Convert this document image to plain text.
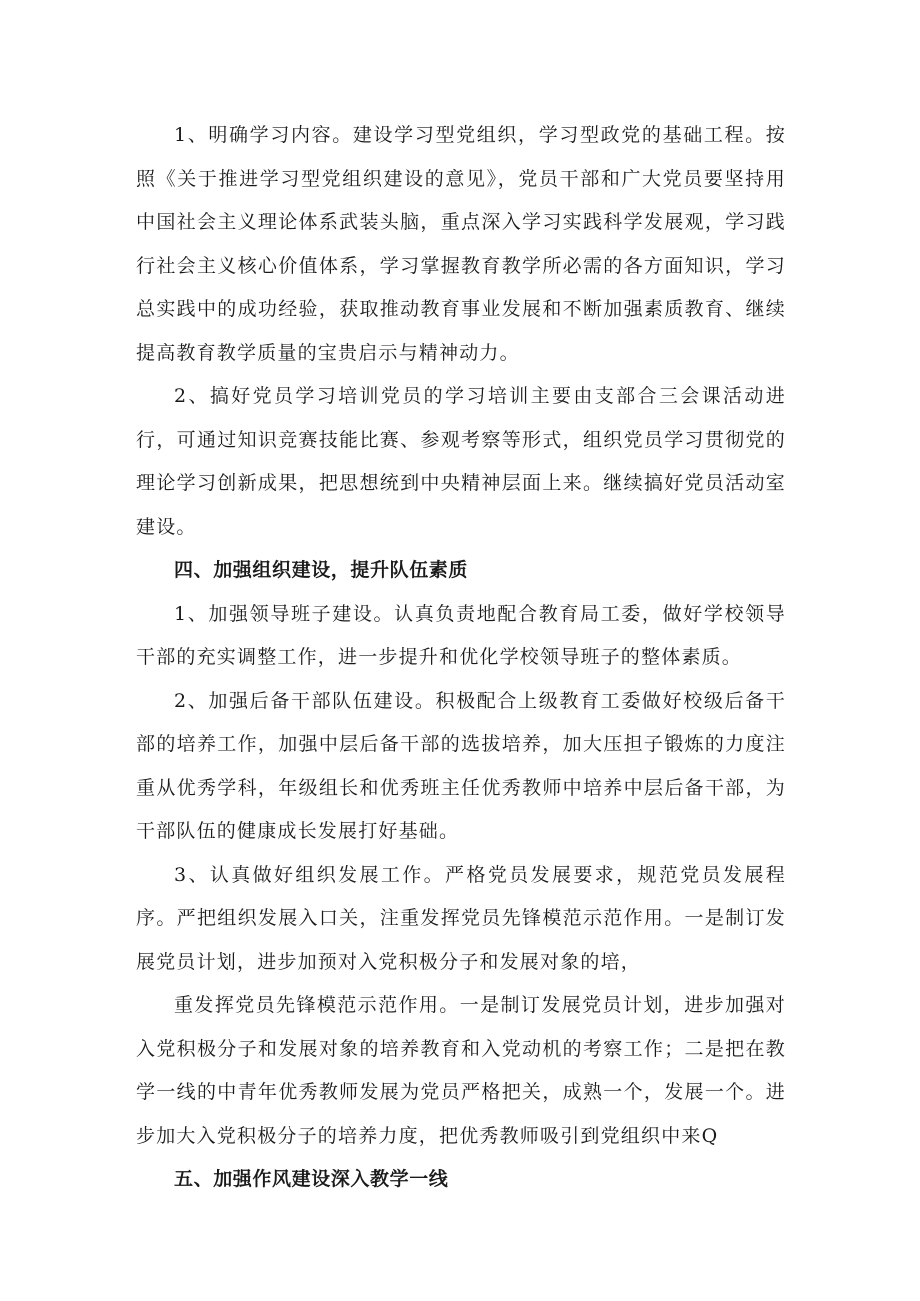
1、明确学习内容。建设学习型党组织，学习型政党的基础工程。按照《关于推进学习型党组织建设的意见》，党员干部和广大党员要坚持用中国社会主义理论体系武装头脑，重点深入学习实践科学发展观，学习践行社会主义核心价值体系，学习掌握教育教学所必需的各方面知识，学习总实践中的成功经验，获取推动教育事业发展和不断加强素质教育、继续提高教育教学质量的宝贵启示与精神动力。

2、搞好党员学习培训党员的学习培训主要由支部合三会课活动进行，可通过知识竞赛技能比赛、参观考察等形式，组织党员学习贯彻党的理论学习创新成果，把思想统到中央精神层面上来。继续搞好党员活动室建设。

四、加强组织建设，提升队伍素质

1、加强领导班子建设。认真负责地配合教育局工委，做好学校领导干部的充实调整工作，进一步提升和优化学校领导班子的整体素质。

2、加强后备干部队伍建设。积极配合上级教育工委做好校级后备干部的培养工作，加强中层后备干部的选拔培养，加大压担子锻炼的力度注重从优秀学科，年级组长和优秀班主任优秀教师中培养中层后备干部，为干部队伍的健康成长发展打好基础。

3、认真做好组织发展工作。严格党员发展要求，规范党员发展程序。严把组织发展入口关，注重发挥党员先锋模范示范作用。一是制订发展党员计划，进步加预对入党积极分子和发展对象的培，

重发挥党员先锋模范示范作用。一是制订发展党员计划，进步加强对入党积极分子和发展对象的培养教育和入党动机的考察工作；二是把在教学一线的中青年优秀教师发展为党员严格把关，成熟一个，发展一个。进步加大入党积极分子的培养力度，把优秀教师吸引到党组织中来Q

五、加强作风建设深入教学一线
